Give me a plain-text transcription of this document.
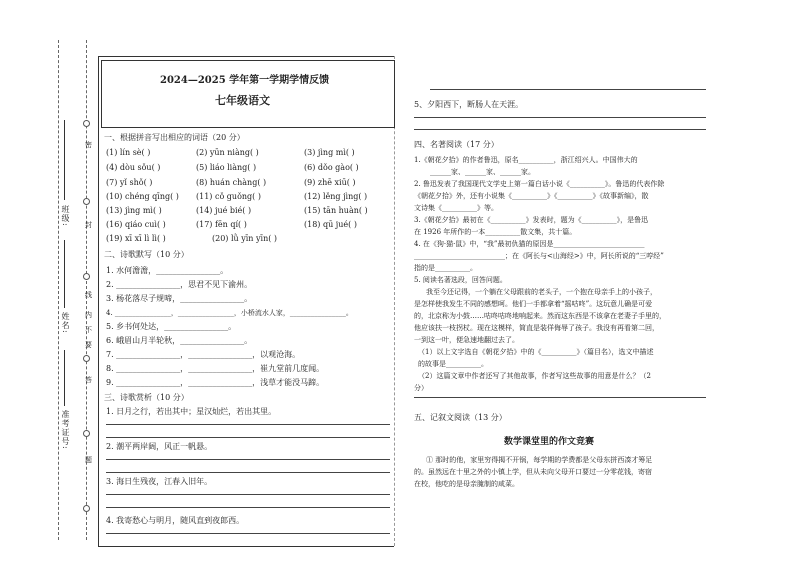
密
封
线
内
不
要
答
题
班级:
姓名:
准考证号:
2024—2025 学年第一学期学情反馈
七年级语文
一、根据拼音写出相应的词语（20 分）
(1) lín sè( )	(2) yūn niàng( )	(3) jìng mì( )
(4) dòu sǒu( )	(5) liáo liàng( )	(6) dǒo gào( )
(7) yǐ shǒ( )	(8) huán chàng( )	(9) zhē xiū( )
(10) chéng qīng( ) (11) cǒ guǒng( )	(12) lěng jìng( )
(13) jìng mì( )	(14) jué bié( )	(15) tān huàn( )
(16) qiáo cuì( )	(17) fēn qí( )	(18) qū jué( )
(19) xī xī lì lì( )	(20) lǜ yīn yīn( )
二、诗歌默写（10 分）
1. 水何澹澹，________________。
2. ________________，思君不见下渝州。
3. 杨花落尽子规啼，________________。
4. ________________，________________，小桥流水人家，________________。
5. 乡书何处达，________________。
6. 峨眉山月半轮秋，________________。
7. ________________，________________，以观沧海。
8. ________________，________________，崔九堂前几度闻。
9. ________________，________________，浅草才能没马蹄。
三、诗歌赏析（10 分）
1. 日月之行，若出其中；星汉灿烂，若出其里。
2. 潮平两岸阔，风正一帆悬。
3. 海日生残夜，江春入旧年。
4. 我寄愁心与明月，随风直到夜郎西。
5、夕阳西下，断肠人在天涯。
四、名著阅读（17 分）
1.《朝花夕拾》的作者鲁迅，原名__________，浙江绍兴人。中国伟大的
______家、______家、______家。
2. 鲁迅发表了我国现代文学史上第一篇白话小说《__________》。鲁迅的代表作除
《朝花夕拾》外，还有小说集《__________》《__________》《故事新编》，散
文诗集《__________》等。
3.《朝花夕拾》最初在《__________》发表时，题为《__________》，是鲁迅
在 1926 年所作的一本__________散文集，共十篇。
4. 在《狗·猫·鼠》中，“我”最初仇猫的原因是__________________________
__________________________；在《阿长与<山海经>》中，阿长所说的“三哼经”
指的是__________。
5. 阅读名著选段，回答问题。
我至今还记得，一个躺在父母跟前的老头子，一个抱在母亲手上的小孩子，
是怎样使我发生不同的感想呵。他们一手都拿着“摇咕咚”。这玩意儿确是可爱
的，北京称为小鼓……咕咚咕咚地响起来。然而这东西是不该拿在老妻子手里的，
他应该扶一枝拐杖。现在这模样，简直是装佯侮辱了孩子。我没有再看第二回，
一到这一叶，便急速地翻过去了。
（1）以上文字选自《朝花夕拾》中的《__________》（篇目名），选文中描述
的故事是__________。
（2）这篇文章中作者还写了其他故事，作者写这些故事的用意是什么？（2
分）
五、记叙文阅读（13 分）
数学课堂里的作文竞赛
① 那时的他，家里穷得揭不开锅，每学期的学费都是父母东拼西凑才筹足
的。虽然远在十里之外的小镇上学，但从未向父母开口要过一分零花钱，寄宿
在校，他吃的是母亲腌制的咸菜。
